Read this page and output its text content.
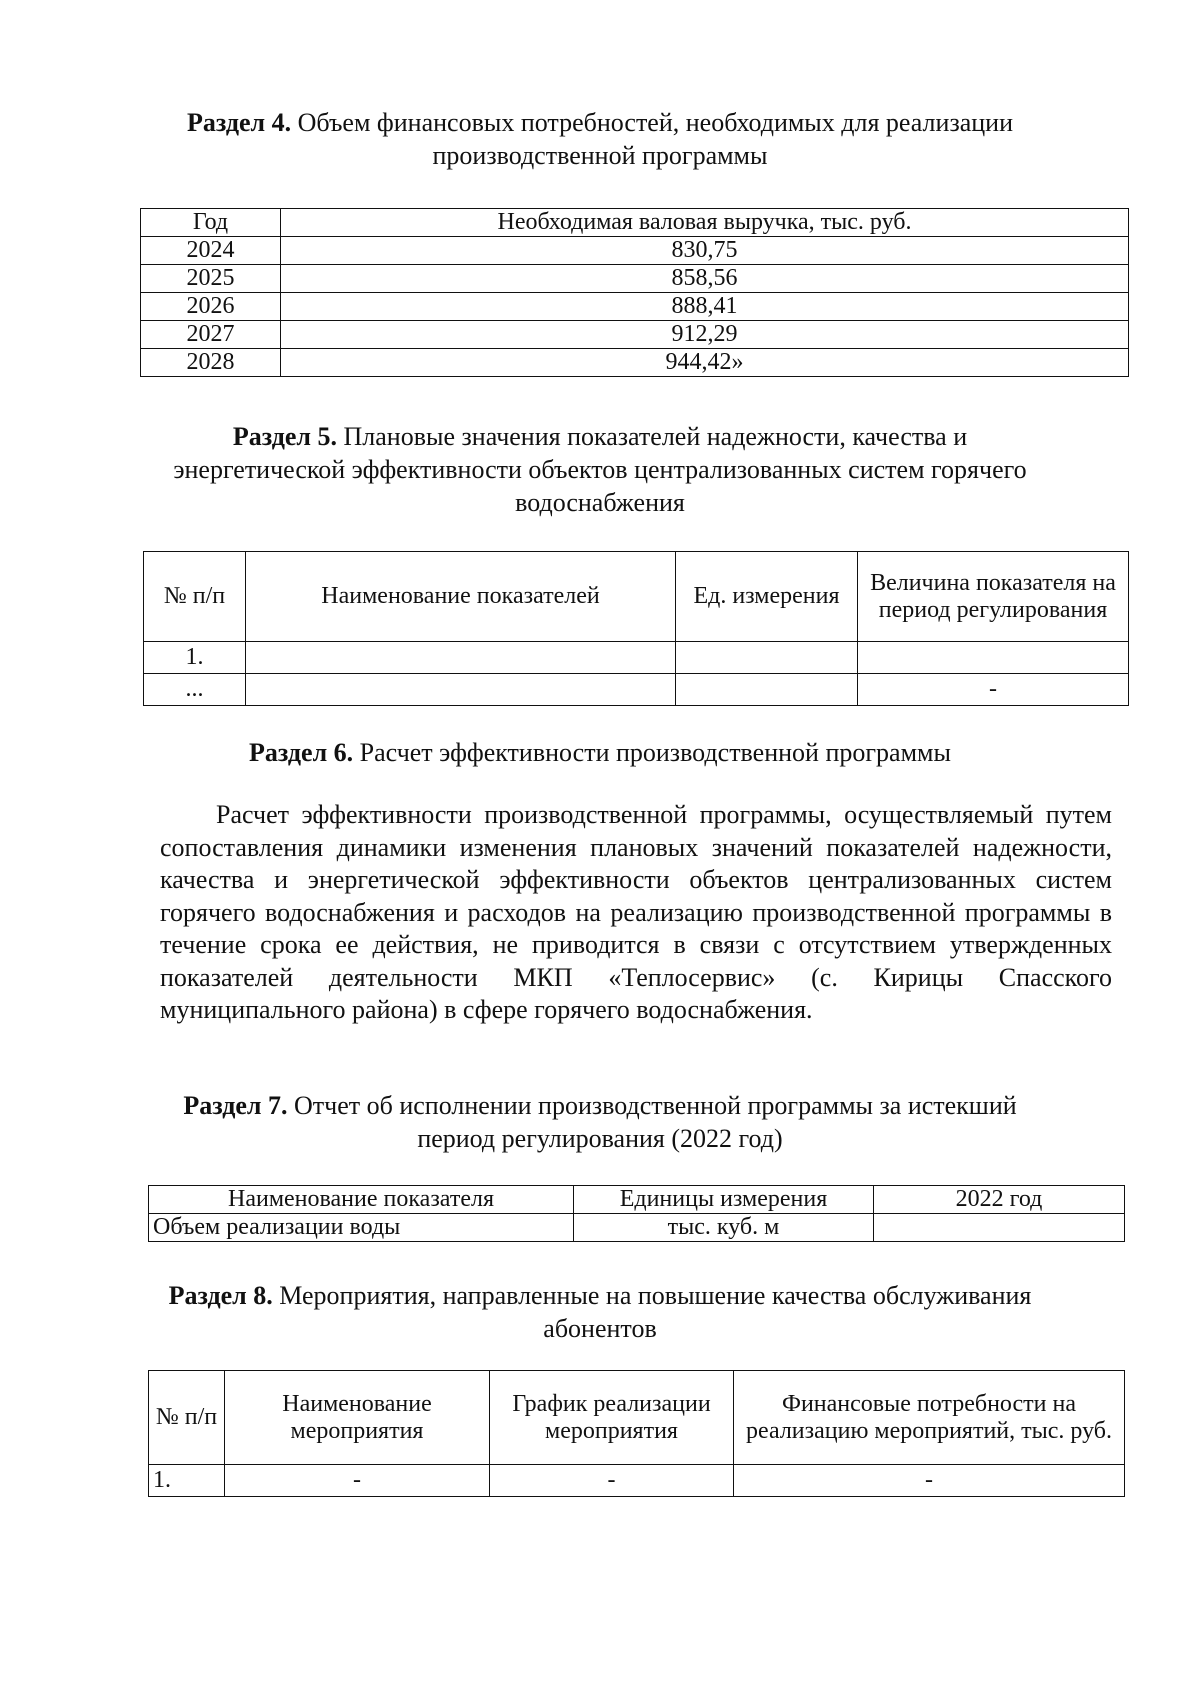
Раздел 4. Объем финансовых потребностей, необходимых для реализации
производственной программы
Год	Необходимая валовая выручка, тыс. руб.
2024	830,75
2025	858,56
2026	888,41
2027	912,29
2028	944,42»
Раздел 5. Плановые значения показателей надежности, качества и
энергетической эффективности объектов централизованных систем горячего
водоснабжения
№ п/п	Наименование показателей	Ед. измерения	Величина показателя на период регулирования
1.			
...			-
Раздел 6. Расчет эффективности производственной программы

Расчет эффективности производственной программы, осуществляемый путем сопоставления динамики изменения плановых значений показателей надежности, качества и энергетической эффективности объектов централизованных систем горячего водоснабжения и расходов на реализацию производственной программы в течение срока ее действия, не приводится в связи с отсутствием утвержденных показателей деятельности МКП «Теплосервис» (с. Кирицы Спасского муниципального района) в сфере горячего водоснабжения.

Раздел 7. Отчет об исполнении производственной программы за истекший
период регулирования (2022 год)
Наименование показателя	Единицы измерения	2022 год
Объем реализации воды	тыс. куб. м	
Раздел 8. Мероприятия, направленные на повышение качества обслуживания
абонентов
№ п/п	Наименование мероприятия	График реализации мероприятия	Финансовые потребности на реализацию мероприятий, тыс. руб.
1.	-	-	-
